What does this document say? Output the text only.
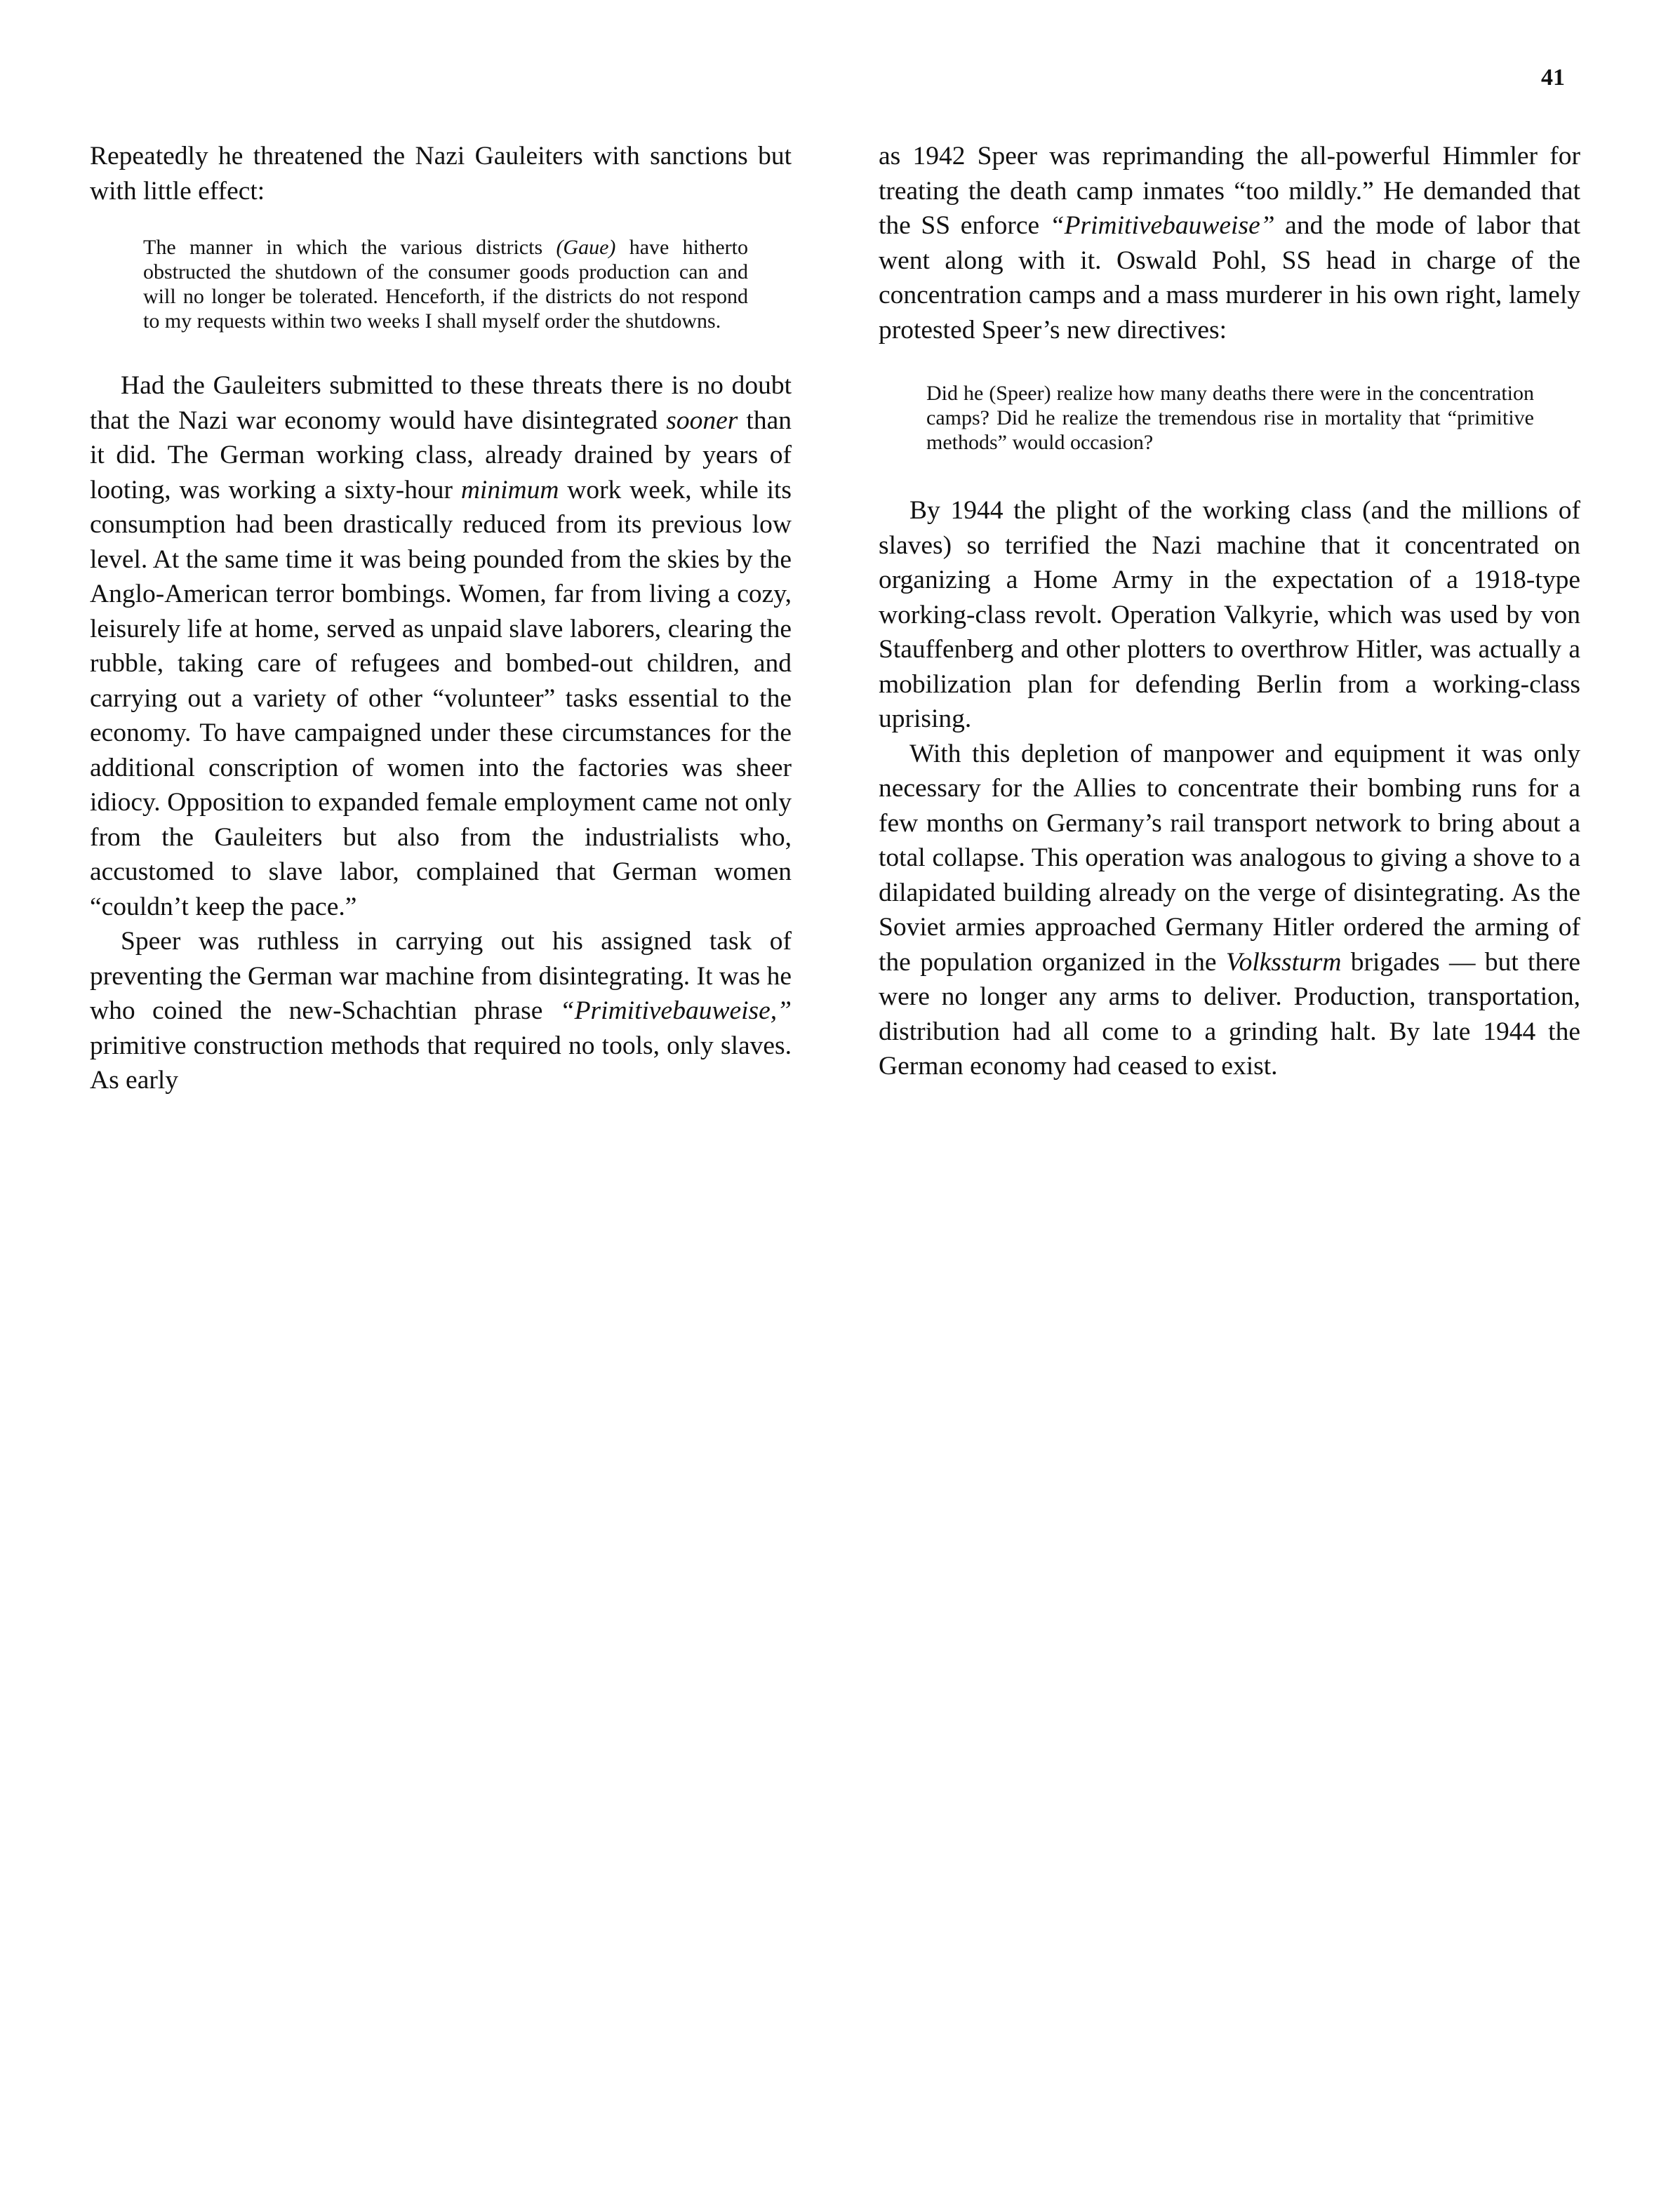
41

Repeatedly he threatened the Nazi Gauleiters with sanctions but with little effect:

The manner in which the various districts (Gaue) have hitherto obstructed the shutdown of the consumer goods production can and will no longer be tolerated. Henceforth, if the districts do not respond to my requests within two weeks I shall myself order the shutdowns.

Had the Gauleiters submitted to these threats there is no doubt that the Nazi war economy would have disintegrated sooner than it did. The German working class, already drained by years of looting, was working a sixty-hour minimum work week, while its consumption had been drastically reduced from its previous low level. At the same time it was being pounded from the skies by the Anglo-American terror bombings. Women, far from living a cozy, leisurely life at home, served as unpaid slave laborers, clearing the rubble, taking care of refugees and bombed-out children, and carrying out a variety of other “volunteer” tasks essential to the economy. To have campaigned under these circumstances for the additional conscription of women into the factories was sheer idiocy. Opposition to expanded female employment came not only from the Gauleiters but also from the industrialists who, accustomed to slave labor, complained that German women “couldn’t keep the pace.”

Speer was ruthless in carrying out his assigned task of preventing the German war machine from disintegrating. It was he who coined the new-Schachtian phrase “Primitivebauweise,” primitive construction methods that required no tools, only slaves. As early

as 1942 Speer was reprimanding the all-powerful Himmler for treating the death camp inmates “too mildly.” He demanded that the SS enforce “Primitivebauweise” and the mode of labor that went along with it. Oswald Pohl, SS head in charge of the concentration camps and a mass murderer in his own right, lamely protested Speer’s new directives:

Did he (Speer) realize how many deaths there were in the concentration camps? Did he realize the tremendous rise in mortality that “primitive methods” would occasion?

By 1944 the plight of the working class (and the millions of slaves) so terrified the Nazi machine that it concentrated on organizing a Home Army in the expectation of a 1918-type working-class revolt. Operation Valkyrie, which was used by von Stauffenberg and other plotters to overthrow Hitler, was actually a mobilization plan for defending Berlin from a working-class uprising.

With this depletion of manpower and equipment it was only necessary for the Allies to concentrate their bombing runs for a few months on Germany’s rail transport network to bring about a total collapse. This operation was analogous to giving a shove to a dilapidated building already on the verge of disintegrating. As the Soviet armies approached Germany Hitler ordered the arming of the population organized in the Volkssturm brigades — but there were no longer any arms to deliver. Production, transportation, distribution had all come to a grinding halt. By late 1944 the German economy had ceased to exist.
